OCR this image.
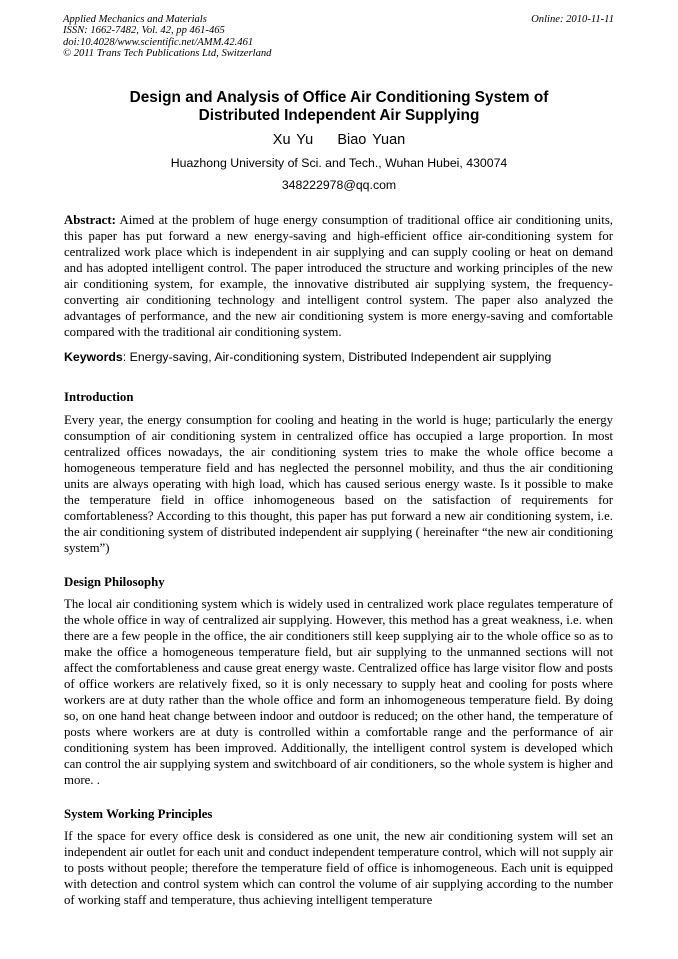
Applied Mechanics and Materials
ISSN: 1662-7482, Vol. 42, pp 461-465
doi:10.4028/www.scientific.net/AMM.42.461
© 2011 Trans Tech Publications Ltd, Switzerland
Online: 2010-11-11
Design and Analysis of Office Air Conditioning System of
Distributed Independent Air Supplying
Xu Yu    Biao Yuan
Huazhong University of Sci. and Tech., Wuhan Hubei, 430074
348222978@qq.com
Abstract: Aimed at the problem of huge energy consumption of traditional office air conditioning units, this paper has put forward a new energy-saving and high-efficient office air-conditioning system for centralized work place which is independent in air supplying and can supply cooling or heat on demand and has adopted intelligent control. The paper introduced the structure and working principles of the new air conditioning system, for example, the innovative distributed air supplying system, the frequency-converting air conditioning technology and intelligent control system. The paper also analyzed the advantages of performance, and the new air conditioning system is more energy-saving and comfortable compared with the traditional air conditioning system.
Keywords: Energy-saving, Air-conditioning system, Distributed Independent air supplying
Introduction
Every year, the energy consumption for cooling and heating in the world is huge; particularly the energy consumption of air conditioning system in centralized office has occupied a large proportion. In most centralized offices nowadays, the air conditioning system tries to make the whole office become a homogeneous temperature field and has neglected the personnel mobility, and thus the air conditioning units are always operating with high load, which has caused serious energy waste. Is it possible to make the temperature field in office inhomogeneous based on the satisfaction of requirements for comfortableness? According to this thought, this paper has put forward a new air conditioning system, i.e. the air conditioning system of distributed independent air supplying ( hereinafter “the new air conditioning system”)
Design Philosophy
The local air conditioning system which is widely used in centralized work place regulates temperature of the whole office in way of centralized air supplying. However, this method has a great weakness, i.e. when there are a few people in the office, the air conditioners still keep supplying air to the whole office so as to make the office a homogeneous temperature field, but air supplying to the unmanned sections will not affect the comfortableness and cause great energy waste. Centralized office has large visitor flow and posts of office workers are relatively fixed, so it is only necessary to supply heat and cooling for posts where workers are at duty rather than the whole office and form an inhomogeneous temperature field. By doing so, on one hand heat change between indoor and outdoor is reduced; on the other hand, the temperature of posts where workers are at duty is controlled within a comfortable range and the performance of air conditioning system has been improved. Additionally, the intelligent control system is developed which can control the air supplying system and switchboard of air conditioners, so the whole system is higher and more. .
System Working Principles
If the space for every office desk is considered as one unit, the new air conditioning system will set an independent air outlet for each unit and conduct independent temperature control, which will not supply air to posts without people; therefore the temperature field of office is inhomogeneous. Each unit is equipped with detection and control system which can control the volume of air supplying according to the number of working staff and temperature, thus achieving intelligent temperature
